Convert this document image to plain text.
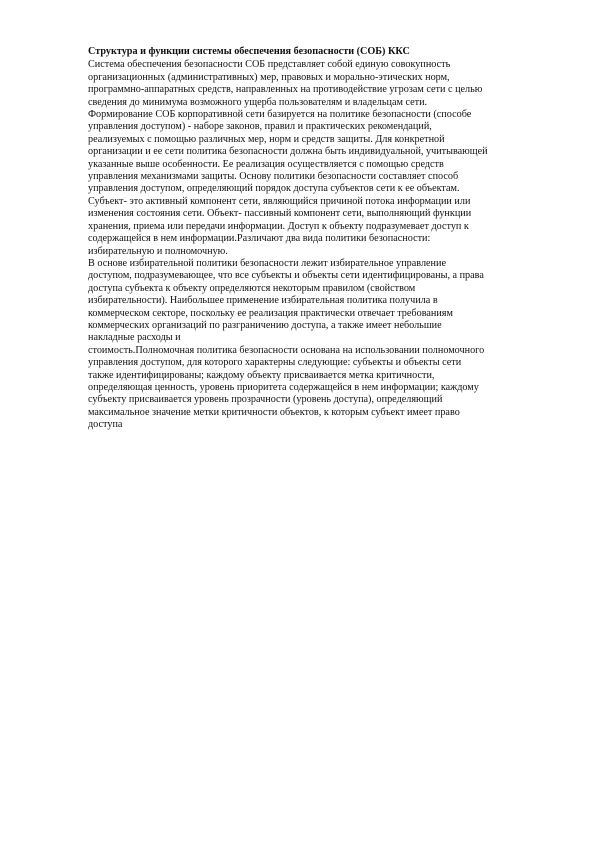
Структура и функции системы обеспечения безопасности (СОБ) ККС
Система обеспечения безопасности СОБ представляет собой единую совокупность
организационных (административных) мер, правовых и морально-этических норм,
программно-аппаратных средств, направленных на противодействие угрозам сети с целью
сведения до минимума возможного ущерба пользователям и владельцам сети.
Формирование СОБ корпоративной сети базируется на политике безопасности (способе
управления доступом) - наборе законов, правил и практических рекомендаций,
реализуемых с помощью различных мер, норм и средств защиты. Для конкретной
организации и ее сети политика безопасности должна быть индивидуальной, учитывающей
указанные выше особенности. Ее реализация осуществляется с помощью средств
управления механизмами защиты. Основу политики безопасности составляет способ
управления доступом, определяющий порядок доступа субъектов сети к ее объектам.
Субъект- это активный компонент сети, являющийся причиной потока информации или
изменения состояния сети. Объект- пассивный компонент сети, выполняющий функции
хранения, приема или передачи информации. Доступ к объекту подразумевает доступ к
содержащейся в нем информации.Различают два вида политики безопасности:
избирательную и полномочную.
В основе избирательной политики безопасности лежит избирательное управление
доступом, подразумевающее, что все субъекты и объекты сети идентифицированы, а права
доступа субъекта к объекту определяются некоторым правилом (свойством
избирательности). Наибольшее применение избирательная политика получила в
коммерческом секторе, поскольку ее реализация практически отвечает требованиям
коммерческих организаций по разграничению доступа, а также имеет небольшие
накладные расходы и
стоимость.Полномочная политика безопасности основана на использовании полномочного
управления доступом, для которого характерны следующие: субъекты и объекты сети
также идентифицированы; каждому объекту присваивается метка критичности,
определяющая ценность, уровень приоритета содержащейся в нем информации; каждому
субъекту присваивается уровень прозрачности (уровень доступа), определяющий
максимальное значение метки критичности объектов, к которым субъект имеет право
доступа
